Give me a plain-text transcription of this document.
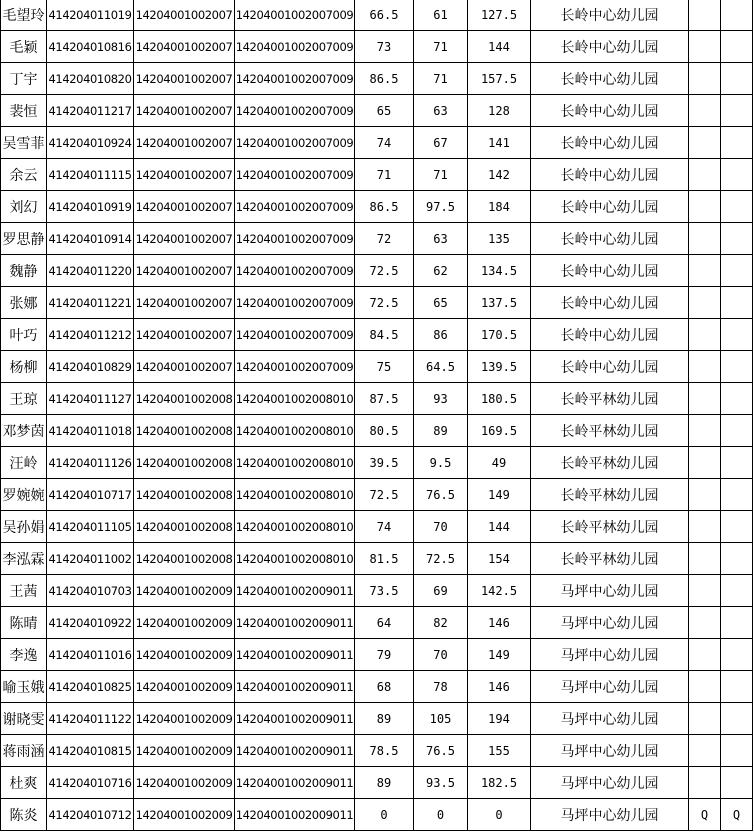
毛望玲	414204011019	14204001002007	14204001002007009	66.5	61	127.5	长岭中心幼儿园		
毛颖	414204010816	14204001002007	14204001002007009	73	71	144	长岭中心幼儿园		
丁宇	414204010820	14204001002007	14204001002007009	86.5	71	157.5	长岭中心幼儿园		
裴恒	414204011217	14204001002007	14204001002007009	65	63	128	长岭中心幼儿园		
吴雪菲	414204010924	14204001002007	14204001002007009	74	67	141	长岭中心幼儿园		
余云	414204011115	14204001002007	14204001002007009	71	71	142	长岭中心幼儿园		
刘幻	414204010919	14204001002007	14204001002007009	86.5	97.5	184	长岭中心幼儿园		
罗思静	414204010914	14204001002007	14204001002007009	72	63	135	长岭中心幼儿园		
魏静	414204011220	14204001002007	14204001002007009	72.5	62	134.5	长岭中心幼儿园		
张娜	414204011221	14204001002007	14204001002007009	72.5	65	137.5	长岭中心幼儿园		
叶巧	414204011212	14204001002007	14204001002007009	84.5	86	170.5	长岭中心幼儿园		
杨柳	414204010829	14204001002007	14204001002007009	75	64.5	139.5	长岭中心幼儿园		
王琼	414204011127	14204001002008	14204001002008010	87.5	93	180.5	长岭平林幼儿园		
邓梦茵	414204011018	14204001002008	14204001002008010	80.5	89	169.5	长岭平林幼儿园		
汪岭	414204011126	14204001002008	14204001002008010	39.5	9.5	49	长岭平林幼儿园		
罗婉婉	414204010717	14204001002008	14204001002008010	72.5	76.5	149	长岭平林幼儿园		
吴孙娟	414204011105	14204001002008	14204001002008010	74	70	144	长岭平林幼儿园		
李泓霖	414204011002	14204001002008	14204001002008010	81.5	72.5	154	长岭平林幼儿园		
王茜	414204010703	14204001002009	14204001002009011	73.5	69	142.5	马坪中心幼儿园		
陈晴	414204010922	14204001002009	14204001002009011	64	82	146	马坪中心幼儿园		
李逸	414204011016	14204001002009	14204001002009011	79	70	149	马坪中心幼儿园		
喻玉娥	414204010825	14204001002009	14204001002009011	68	78	146	马坪中心幼儿园		
谢晓雯	414204011122	14204001002009	14204001002009011	89	105	194	马坪中心幼儿园		
蒋雨涵	414204010815	14204001002009	14204001002009011	78.5	76.5	155	马坪中心幼儿园		
杜爽	414204010716	14204001002009	14204001002009011	89	93.5	182.5	马坪中心幼儿园		
陈炎	414204010712	14204001002009	14204001002009011	0	0	0	马坪中心幼儿园	Q	Q
